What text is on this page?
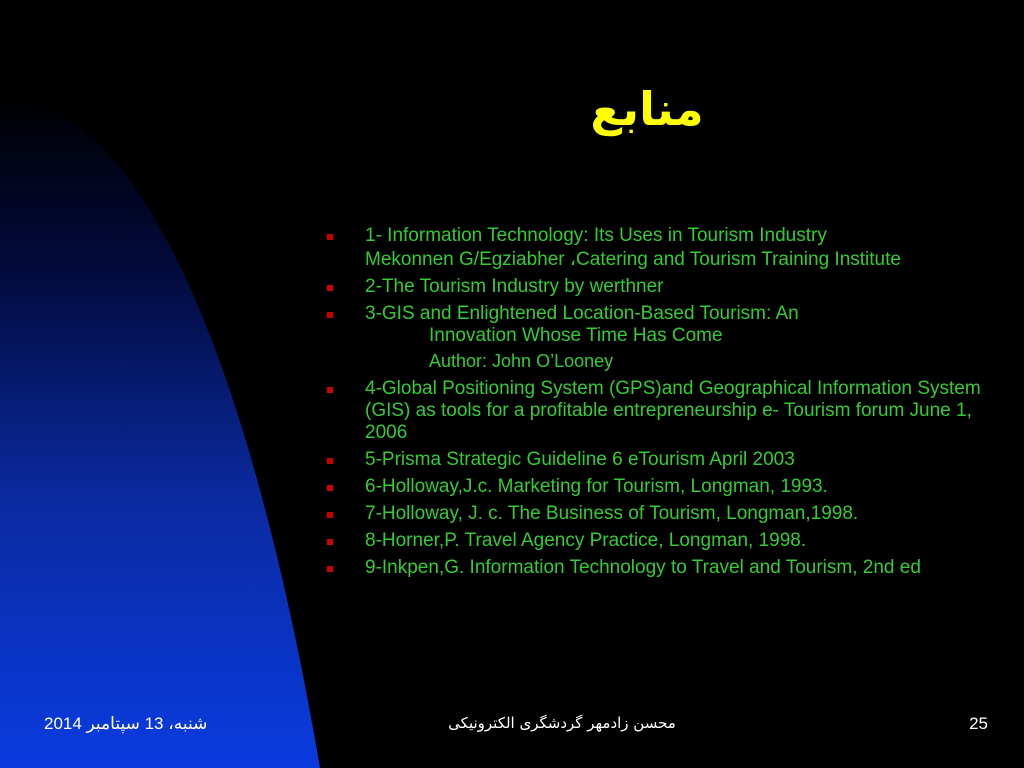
منابع
1- Information Technology: Its Uses in Tourism Industry
Mekonnen G/Egziabher ،Catering and Tourism Training Institute
2-The Tourism Industry by werthner
3-GIS and Enlightened Location-Based Tourism: An
Innovation Whose Time Has Come
Author: John O’Looney
4-Global Positioning System (GPS)and Geographical Information System (GIS) as tools for a profitable entrepreneurship e- Tourism forum June 1, 2006
5-Prisma Strategic Guideline 6 eTourism April 2003
6-Holloway,J.c. Marketing for Tourism, Longman, 1993.
7-Holloway, J. c. The Business of Tourism, Longman,1998.
8-Horner,P. Travel Agency Practice, Longman, 1998.
9-Inkpen,G. Information Technology to Travel and Tourism, 2nd ed
شنبه، 13 سپتامبر 2014	محسن زادمهر گردشگری الکترونیکی	25
